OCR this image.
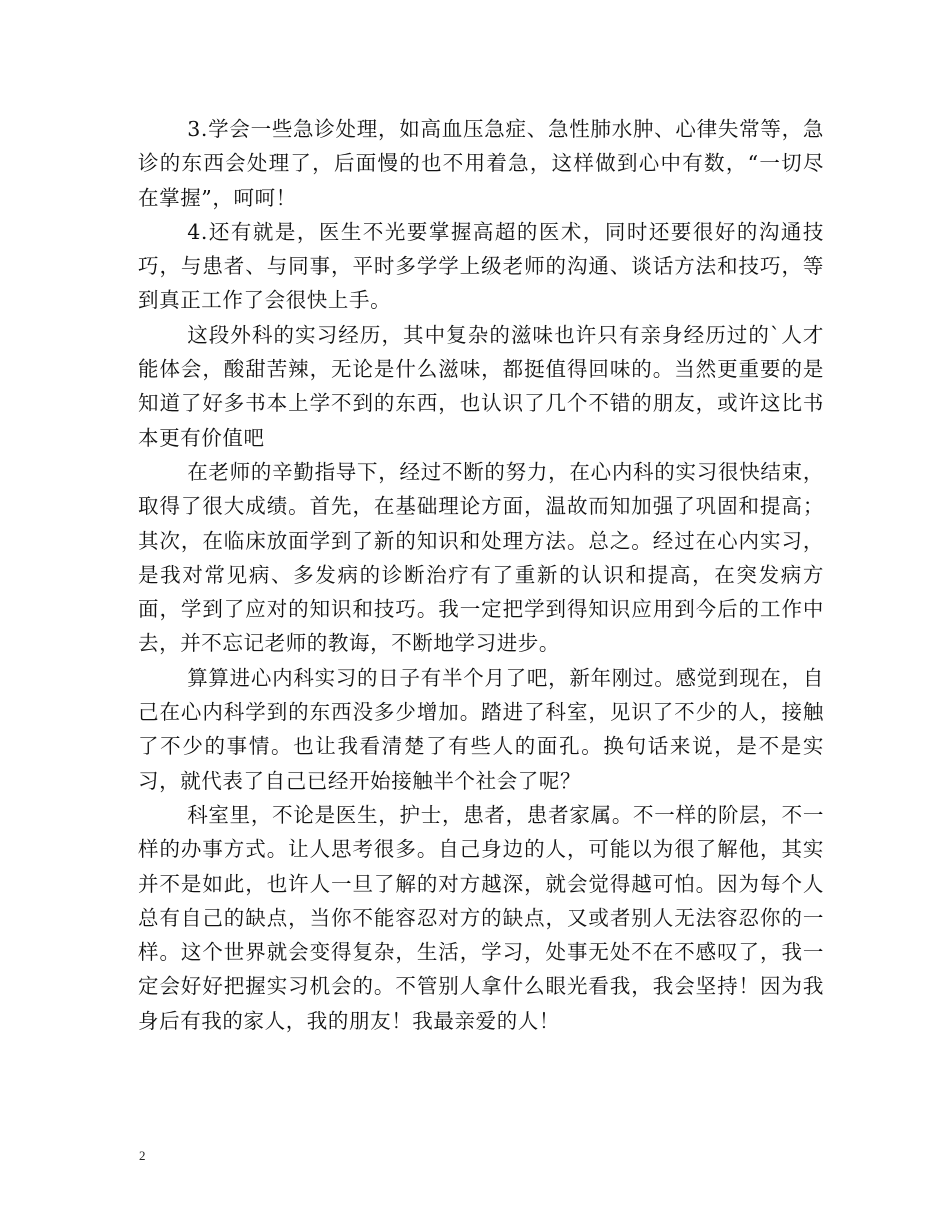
3.学会一些急诊处理，如高血压急症、急性肺水肿、心律失常等，急诊的东西会处理了，后面慢的也不用着急，这样做到心中有数，“一切尽在掌握”，呵呵！

4.还有就是，医生不光要掌握高超的医术，同时还要很好的沟通技巧，与患者、与同事，平时多学学上级老师的沟通、谈话方法和技巧，等到真正工作了会很快上手。

这段外科的实习经历，其中复杂的滋味也许只有亲身经历过的`人才能体会，酸甜苦辣，无论是什么滋味，都挺值得回味的。当然更重要的是知道了好多书本上学不到的东西，也认识了几个不错的朋友，或许这比书本更有价值吧

在老师的辛勤指导下，经过不断的努力，在心内科的实习很快结束，取得了很大成绩。首先，在基础理论方面，温故而知加强了巩固和提高；其次，在临床放面学到了新的知识和处理方法。总之。经过在心内实习，是我对常见病、多发病的诊断治疗有了重新的认识和提高，在突发病方面，学到了应对的知识和技巧。我一定把学到得知识应用到今后的工作中去，并不忘记老师的教诲，不断地学习进步。

算算进心内科实习的日子有半个月了吧，新年刚过。感觉到现在，自己在心内科学到的东西没多少增加。踏进了科室，见识了不少的人，接触了不少的事情。也让我看清楚了有些人的面孔。换句话来说，是不是实习，就代表了自己已经开始接触半个社会了呢？

科室里，不论是医生，护士，患者，患者家属。不一样的阶层，不一样的办事方式。让人思考很多。自己身边的人，可能以为很了解他，其实并不是如此，也许人一旦了解的对方越深，就会觉得越可怕。因为每个人总有自己的缺点，当你不能容忍对方的缺点，又或者别人无法容忍你的一样。这个世界就会变得复杂，生活，学习，处事无处不在不感叹了，我一定会好好把握实习机会的。不管别人拿什么眼光看我，我会坚持！因为我身后有我的家人，我的朋友！我最亲爱的人！

2
